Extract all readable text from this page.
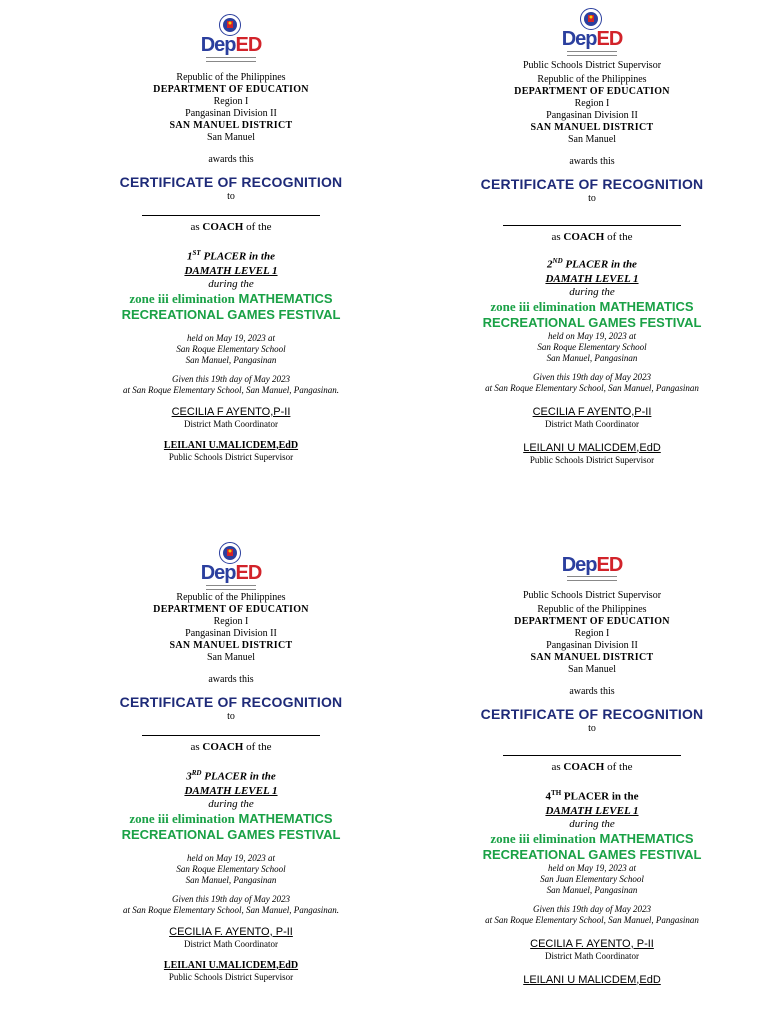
DepED
Republic of the Philippines
DEPARTMENT OF EDUCATION
Region I
Pangasinan Division II
SAN MANUEL DISTRICT
San Manuel
awards this
CERTIFICATE OF RECOGNITION
to
as COACH of the
1ST PLACER in the
DAMATH LEVEL 1
during the
zone iii elimination MATHEMATICS
RECREATIONAL GAMES FESTIVAL
held on May 19, 2023 at
San Roque Elementary School
San Manuel, Pangasinan
Given this 19th day of May 2023
at San Roque Elementary School, San Manuel, Pangasinan.
CECILIA F AYENTO,P-II
District Math Coordinator
LEILANI U.MALICDEM,EdD
Public Schools District Supervisor
DepED
Public Schools District Supervisor
Republic of the Philippines
DEPARTMENT OF EDUCATION
Region I
Pangasinan Division II
SAN MANUEL DISTRICT
San Manuel
awards this
CERTIFICATE OF RECOGNITION
to
as COACH of the
2ND PLACER in the
DAMATH LEVEL 1
during the
zone iii elimination MATHEMATICS
RECREATIONAL GAMES FESTIVAL
held on May 19, 2023 at
San Roque Elementary School
San Manuel, Pangasinan
Given this 19th day of May 2023
at San Roque Elementary School, San Manuel, Pangasinan
CECILIA F AYENTO,P-II
District Math Coordinator
LEILANI U MALICDEM,EdD
Public Schools District Supervisor
DepED
Republic of the Philippines
DEPARTMENT OF EDUCATION
Region I
Pangasinan Division II
SAN MANUEL DISTRICT
San Manuel
awards this
CERTIFICATE OF RECOGNITION
to
as COACH of the
3RD PLACER in the
DAMATH LEVEL 1
during the
zone iii elimination MATHEMATICS
RECREATIONAL GAMES FESTIVAL
held on May 19, 2023 at
San Roque Elementary School
San Manuel, Pangasinan
Given this 19th day of May 2023
at San Roque Elementary School, San Manuel, Pangasinan.
CECILIA F. AYENTO, P-II
District Math Coordinator
LEILANI U.MALICDEM,EdD
Public Schools District Supervisor
DepED
Public Schools District Supervisor
Republic of the Philippines
DEPARTMENT OF EDUCATION
Region I
Pangasinan Division II
SAN MANUEL DISTRICT
San Manuel
awards this
CERTIFICATE OF RECOGNITION
to
as COACH of the
4TH PLACER in the
DAMATH LEVEL 1
during the
zone iii elimination MATHEMATICS
RECREATIONAL GAMES FESTIVAL
held on May 19, 2023 at
San Juan Elementary School
San Manuel, Pangasinan
Given this 19th day of May 2023
at San Roque Elementary School, San Manuel, Pangasinan
CECILIA F. AYENTO, P-II
District Math Coordinator
LEILANI U MALICDEM,EdD
